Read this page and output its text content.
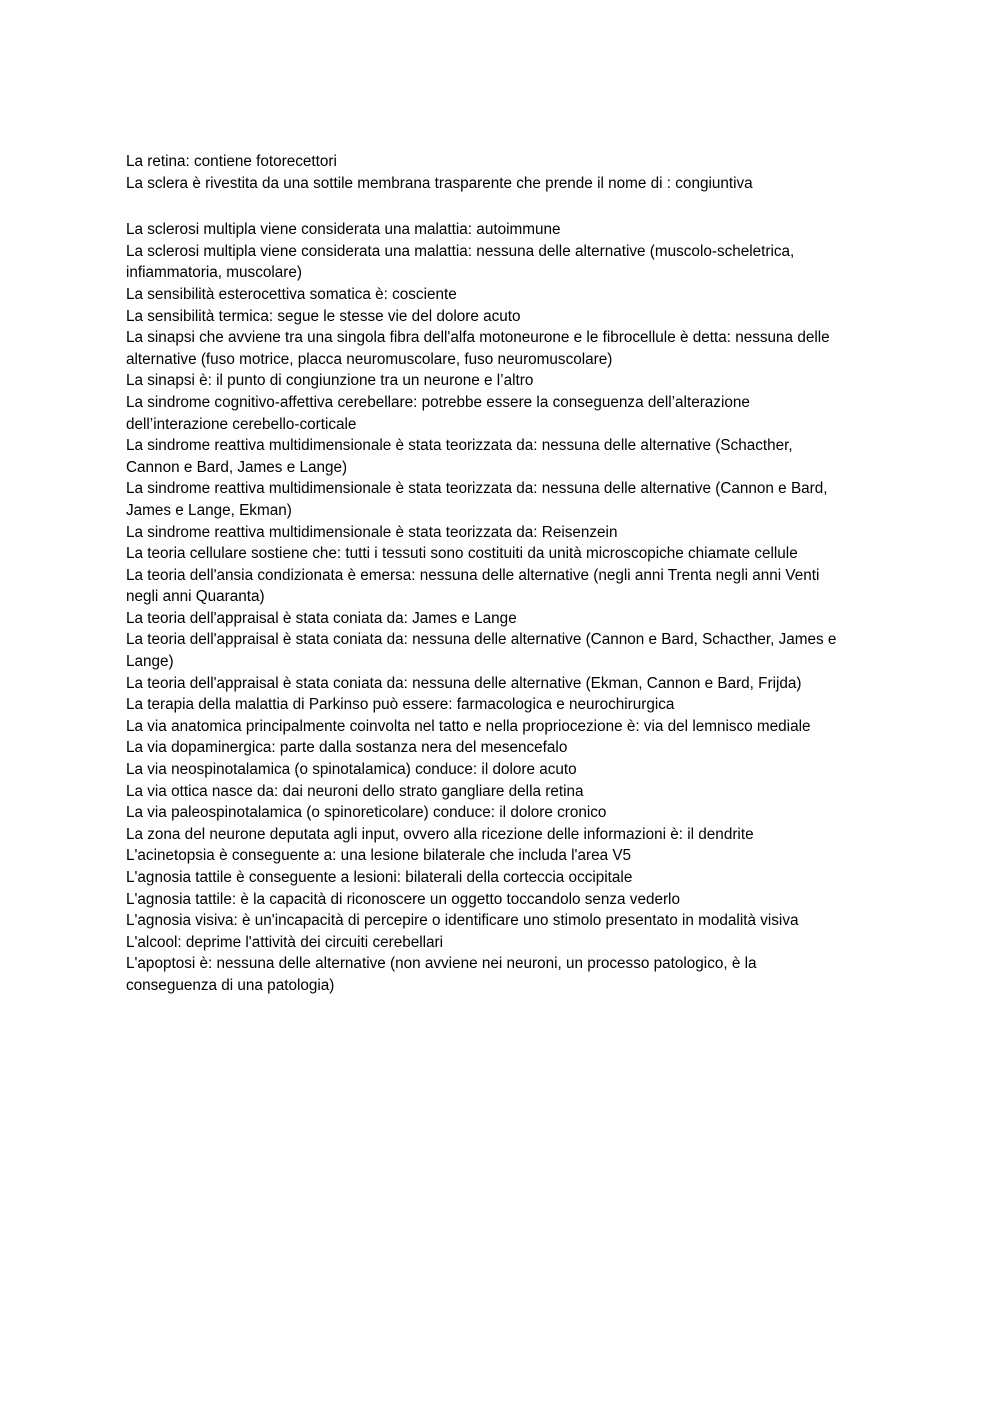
La retina: contiene fotorecettori

La sclera è rivestita da una sottile membrana trasparente che prende il nome di : congiuntiva

La sclerosi multipla viene considerata una malattia: autoimmune

La sclerosi multipla viene considerata una malattia: nessuna delle alternative (muscolo-scheletrica, infiammatoria, muscolare)

La sensibilità esterocettiva somatica è: cosciente

La sensibilità termica: segue le stesse vie del dolore acuto

La sinapsi che avviene tra una singola fibra dell'alfa motoneurone e le fibrocellule è detta: nessuna delle alternative (fuso motrice, placca neuromuscolare, fuso neuromuscolare)

La sinapsi è: il punto di congiunzione tra un neurone e l’altro

La sindrome cognitivo-affettiva cerebellare: potrebbe essere la conseguenza dell’alterazione dell’interazione cerebello-corticale

La sindrome reattiva multidimensionale è stata teorizzata da: nessuna delle alternative (Schacther, Cannon e Bard, James e Lange)

La sindrome reattiva multidimensionale è stata teorizzata da: nessuna delle alternative (Cannon e Bard, James e Lange, Ekman)

La sindrome reattiva multidimensionale è stata teorizzata da: Reisenzein

La teoria cellulare sostiene che: tutti i tessuti sono costituiti da unità microscopiche chiamate cellule

La teoria dell'ansia condizionata è emersa: nessuna delle alternative (negli anni Trenta negli anni Venti negli anni Quaranta)

La teoria dell'appraisal è stata coniata da: James e Lange

La teoria dell'appraisal è stata coniata da: nessuna delle alternative (Cannon e Bard, Schacther, James e Lange)

La teoria dell'appraisal è stata coniata da: nessuna delle alternative (Ekman, Cannon e Bard, Frijda)

La terapia della malattia di Parkinso può essere: farmacologica e neurochirurgica

La via anatomica principalmente coinvolta nel tatto e nella propriocezione è: via del lemnisco mediale

La via dopaminergica: parte dalla sostanza nera del mesencefalo

La via neospinotalamica (o spinotalamica) conduce: il dolore acuto

La via ottica nasce da: dai neuroni dello strato gangliare della retina

La via paleospinotalamica (o spinoreticolare) conduce: il dolore cronico

La zona del neurone deputata agli input, ovvero alla ricezione delle informazioni è: il dendrite

L'acinetopsia è conseguente a: una lesione bilaterale che includa l'area V5

L'agnosia tattile è conseguente a lesioni: bilaterali della corteccia occipitale

L'agnosia tattile: è la capacità di riconoscere un oggetto toccandolo senza vederlo

L'agnosia visiva: è un'incapacità di percepire o identificare uno stimolo presentato in modalità visiva

L'alcool: deprime l'attività dei circuiti cerebellari

L'apoptosi è: nessuna delle alternative (non avviene nei neuroni, un processo patologico, è la conseguenza di una patologia)
